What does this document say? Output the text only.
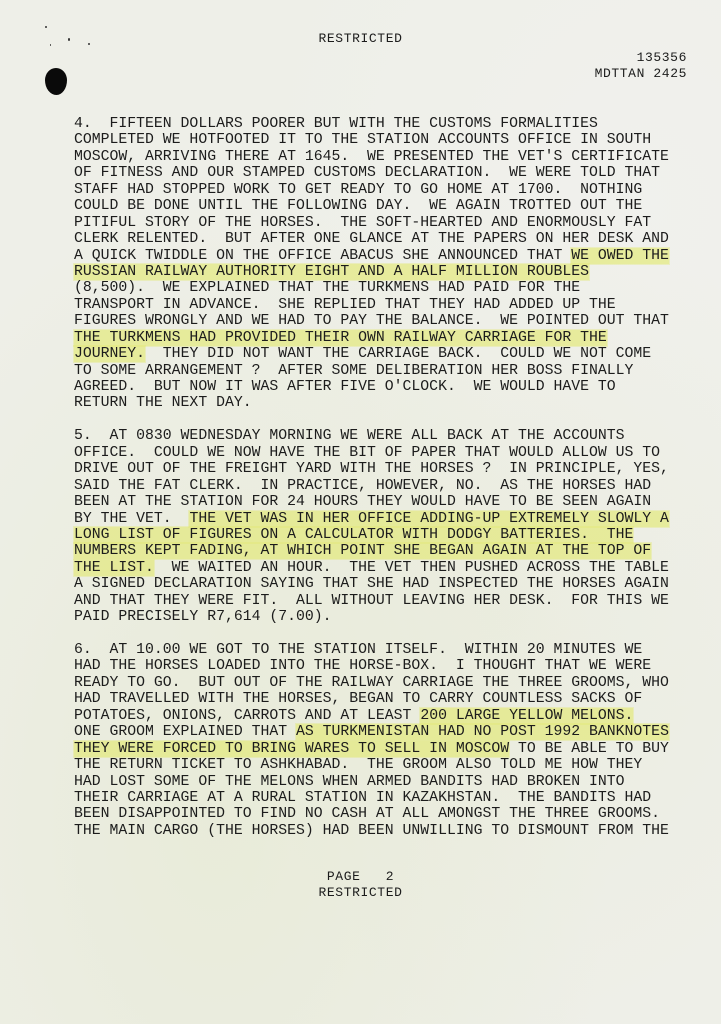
RESTRICTED
135356
MDTTAN 2425
4.  FIFTEEN DOLLARS POORER BUT WITH THE CUSTOMS FORMALITIES
COMPLETED WE HOTFOOTED IT TO THE STATION ACCOUNTS OFFICE IN SOUTH
MOSCOW, ARRIVING THERE AT 1645.  WE PRESENTED THE VET'S CERTIFICATE
OF FITNESS AND OUR STAMPED CUSTOMS DECLARATION.  WE WERE TOLD THAT
STAFF HAD STOPPED WORK TO GET READY TO GO HOME AT 1700.  NOTHING
COULD BE DONE UNTIL THE FOLLOWING DAY.  WE AGAIN TROTTED OUT THE
PITIFUL STORY OF THE HORSES.  THE SOFT-HEARTED AND ENORMOUSLY FAT
CLERK RELENTED.  BUT AFTER ONE GLANCE AT THE PAPERS ON HER DESK AND
A QUICK TWIDDLE ON THE OFFICE ABACUS SHE ANNOUNCED THAT WE OWED THE
RUSSIAN RAILWAY AUTHORITY EIGHT AND A HALF MILLION ROUBLES
(8,500).  WE EXPLAINED THAT THE TURKMENS HAD PAID FOR THE
TRANSPORT IN ADVANCE.  SHE REPLIED THAT THEY HAD ADDED UP THE
FIGURES WRONGLY AND WE HAD TO PAY THE BALANCE.  WE POINTED OUT THAT
THE TURKMENS HAD PROVIDED THEIR OWN RAILWAY CARRIAGE FOR THE
JOURNEY.  THEY DID NOT WANT THE CARRIAGE BACK.  COULD WE NOT COME
TO SOME ARRANGEMENT ?  AFTER SOME DELIBERATION HER BOSS FINALLY
AGREED.  BUT NOW IT WAS AFTER FIVE O'CLOCK.  WE WOULD HAVE TO
RETURN THE NEXT DAY.
5.  AT 0830 WEDNESDAY MORNING WE WERE ALL BACK AT THE ACCOUNTS
OFFICE.  COULD WE NOW HAVE THE BIT OF PAPER THAT WOULD ALLOW US TO
DRIVE OUT OF THE FREIGHT YARD WITH THE HORSES ?  IN PRINCIPLE, YES,
SAID THE FAT CLERK.  IN PRACTICE, HOWEVER, NO.  AS THE HORSES HAD
BEEN AT THE STATION FOR 24 HOURS THEY WOULD HAVE TO BE SEEN AGAIN
BY THE VET.  THE VET WAS IN HER OFFICE ADDING-UP EXTREMELY SLOWLY A
LONG LIST OF FIGURES ON A CALCULATOR WITH DODGY BATTERIES.  THE
NUMBERS KEPT FADING, AT WHICH POINT SHE BEGAN AGAIN AT THE TOP OF
THE LIST.  WE WAITED AN HOUR.  THE VET THEN PUSHED ACROSS THE TABLE
A SIGNED DECLARATION SAYING THAT SHE HAD INSPECTED THE HORSES AGAIN
AND THAT THEY WERE FIT.  ALL WITHOUT LEAVING HER DESK.  FOR THIS WE
PAID PRECISELY R7,614 (7.00).
6.  AT 10.00 WE GOT TO THE STATION ITSELF.  WITHIN 20 MINUTES WE
HAD THE HORSES LOADED INTO THE HORSE-BOX.  I THOUGHT THAT WE WERE
READY TO GO.  BUT OUT OF THE RAILWAY CARRIAGE THE THREE GROOMS, WHO
HAD TRAVELLED WITH THE HORSES, BEGAN TO CARRY COUNTLESS SACKS OF
POTATOES, ONIONS, CARROTS AND AT LEAST 200 LARGE YELLOW MELONS.
ONE GROOM EXPLAINED THAT AS TURKMENISTAN HAD NO POST 1992 BANKNOTES
THEY WERE FORCED TO BRING WARES TO SELL IN MOSCOW TO BE ABLE TO BUY
THE RETURN TICKET TO ASHKHABAD.  THE GROOM ALSO TOLD ME HOW THEY
HAD LOST SOME OF THE MELONS WHEN ARMED BANDITS HAD BROKEN INTO
THEIR CARRIAGE AT A RURAL STATION IN KAZAKHSTAN.  THE BANDITS HAD
BEEN DISAPPOINTED TO FIND NO CASH AT ALL AMONGST THE THREE GROOMS.
THE MAIN CARGO (THE HORSES) HAD BEEN UNWILLING TO DISMOUNT FROM THE
PAGE   2
RESTRICTED
